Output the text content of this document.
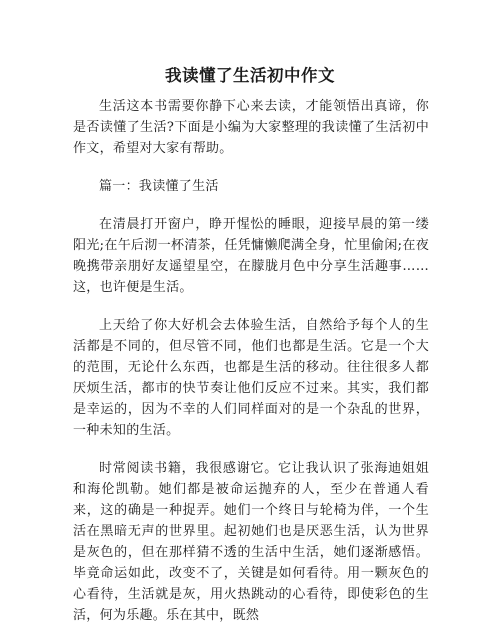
我读懂了生活初中作文

生活这本书需要你静下心来去读，才能领悟出真谛，你是否读懂了生活?下面是小编为大家整理的我读懂了生活初中作文，希望对大家有帮助。

篇一：我读懂了生活

在清晨打开窗户，睁开惺忪的睡眼，迎接早晨的第一缕阳光;在午后沏一杯清茶，任凭慵懒爬满全身，忙里偷闲;在夜晚携带亲朋好友遥望星空，在朦胧月色中分享生活趣事……这，也许便是生活。

上天给了你大好机会去体验生活，自然给予每个人的生活都是不同的，但尽管不同，他们也都是生活。它是一个大的范围，无论什么东西，也都是生活的移动。往往很多人都厌烦生活，都市的快节奏让他们反应不过来。其实，我们都是幸运的，因为不幸的人们同样面对的是一个杂乱的世界，一种未知的生活。

时常阅读书籍，我很感谢它。它让我认识了张海迪姐姐和海伦凯勒。她们都是被命运抛弃的人，至少在普通人看来，这的确是一种捉弄。她们一个终日与轮椅为伴，一个生活在黑暗无声的世界里。起初她们也是厌恶生活，认为世界是灰色的，但在那样猜不透的生活中生活，她们逐渐感悟。毕竟命运如此，改变不了，关键是如何看待。用一颗灰色的心看待，生活就是灰，用火热跳动的心看待，即使彩色的生活，何为乐趣。乐在其中，既然
